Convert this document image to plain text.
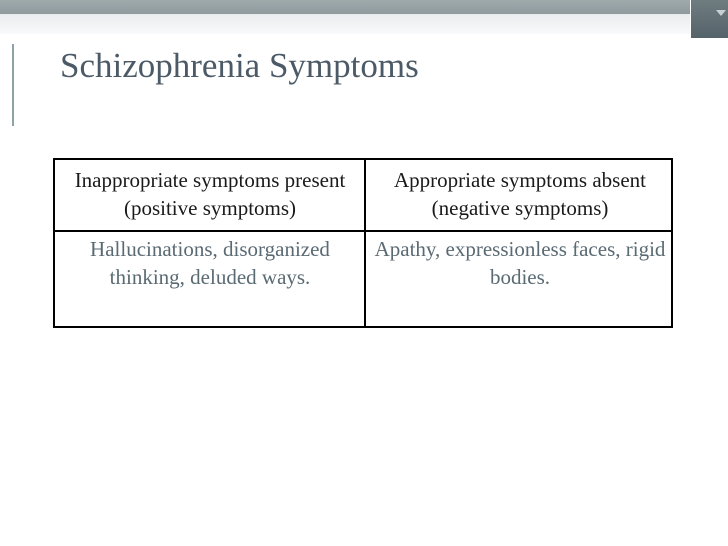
Schizophrenia Symptoms
Inappropriate symptoms present (positive symptoms)
Appropriate symptoms absent (negative symptoms)
Hallucinations, disorganized thinking, deluded ways.
Apathy, expressionless faces, rigid bodies.
